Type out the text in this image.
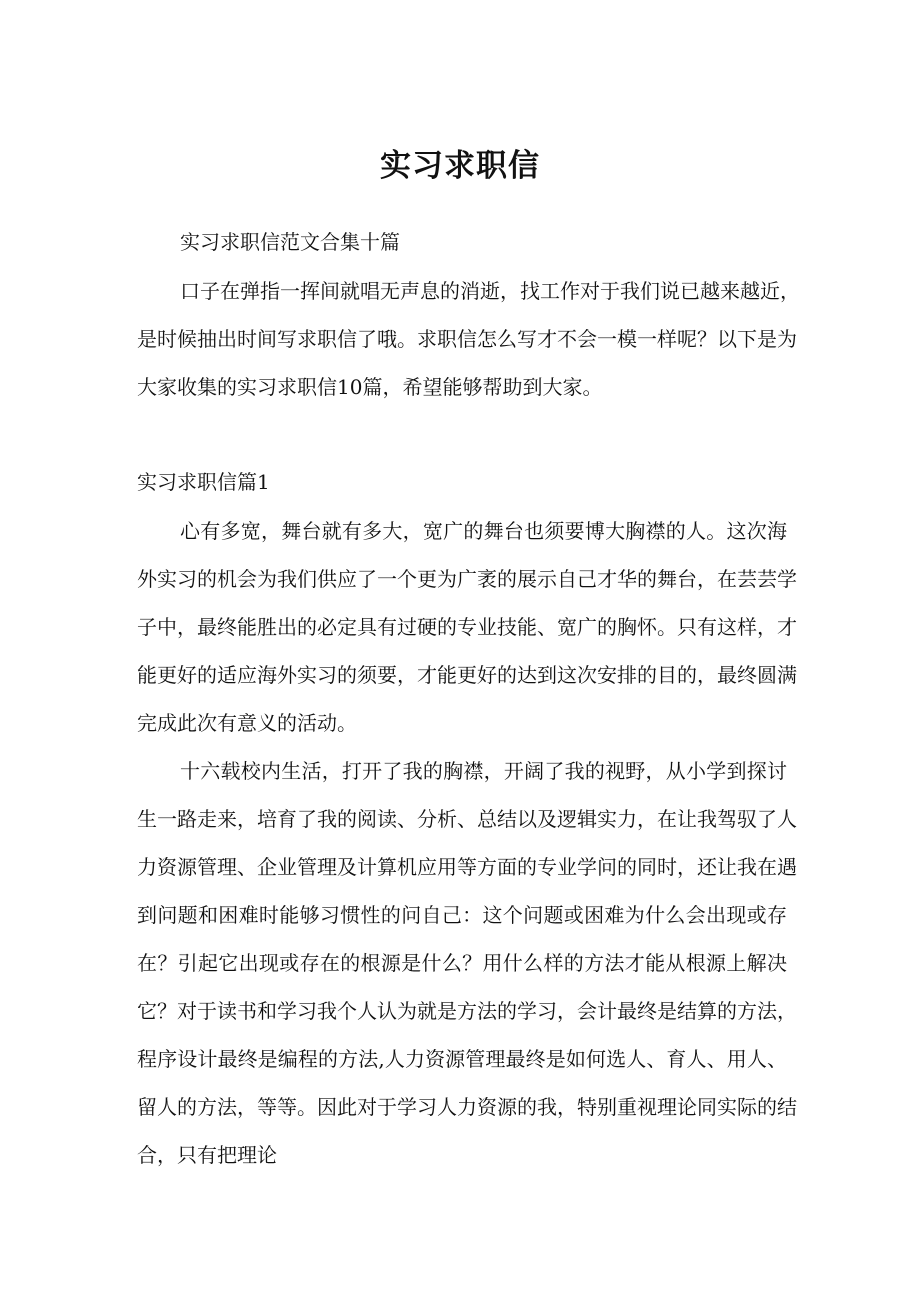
实习求职信
实习求职信范文合集十篇
口子在弹指一挥间就唱无声息的消逝，找工作对于我们说已越来越近，
是时候抽出时间写求职信了哦。求职信怎么写才不会一模一样呢？以下是为
大家收集的实习求职信10篇，希望能够帮助到大家。
实习求职信篇1
心有多宽，舞台就有多大，宽广的舞台也须要博大胸襟的人。这次海
外实习的机会为我们供应了一个更为广袤的展示自己才华的舞台，在芸芸学
子中，最终能胜出的必定具有过硬的专业技能、宽广的胸怀。只有这样，才
能更好的适应海外实习的须要，才能更好的达到这次安排的目的，最终圆满
完成此次有意义的活动。
十六载校内生活，打开了我的胸襟，开阔了我的视野，从小学到探讨
生一路走来，培育了我的阅读、分析、总结以及逻辑实力，在让我驾驭了人
力资源管理、企业管理及计算机应用等方面的专业学问的同时，还让我在遇
到问题和困难时能够习惯性的问自己：这个问题或困难为什么会出现或存
在？引起它出现或存在的根源是什么？用什么样的方法才能从根源上解决
它？对于读书和学习我个人认为就是方法的学习，会计最终是结算的方法，
程序设计最终是编程的方法,人力资源管理最终是如何选人、育人、用人、
留人的方法，等等。因此对于学习人力资源的我，特别重视理论同实际的结
合，只有把理论
